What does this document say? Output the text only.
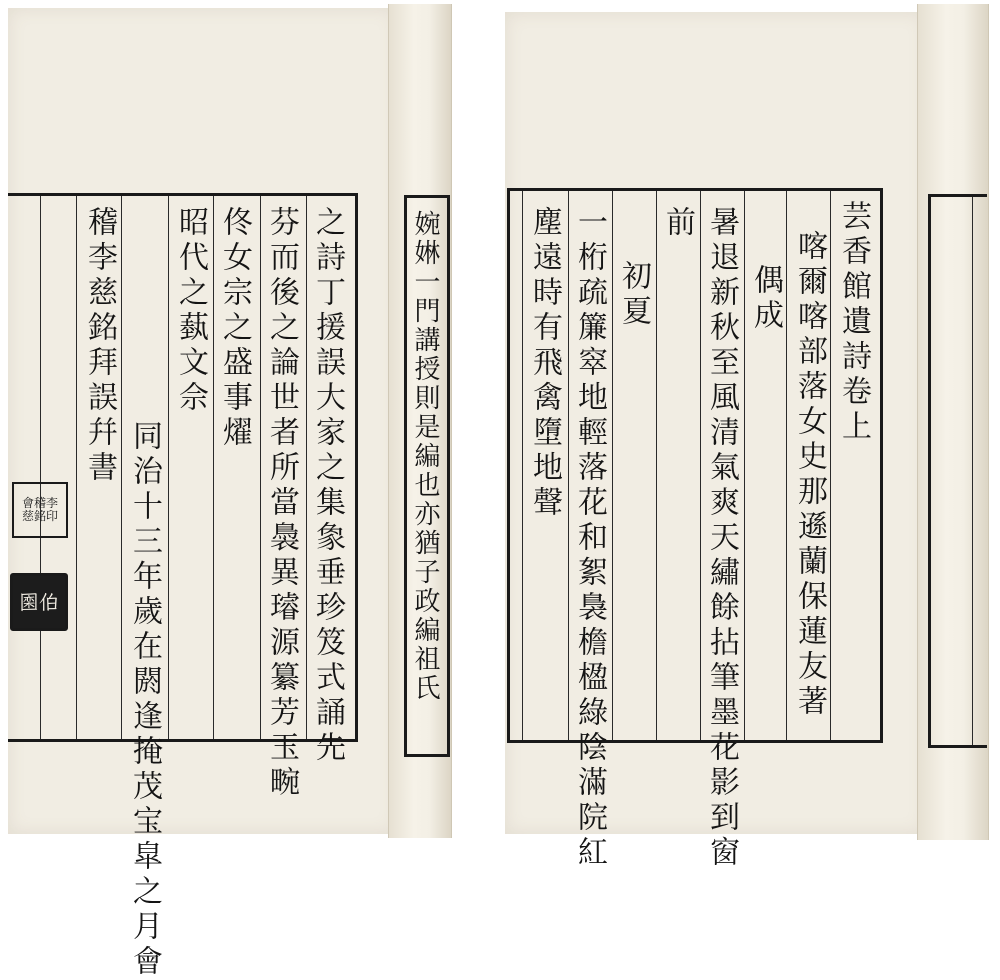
之詩丁援誤大家之集𧰼垂珍笈式誦先
芬而後之論世者所當䙚異璿源纂芳玉畹
佟女宗之盛事燿
昭代之蓺文佘
同治十三年歲在閼逢掩茂宝皐之月會
稽李慈銘拜誤幷書
會稽李慈銘印
𪢮伯	婉㛦一門講授則是編也亦猶子政編祖氏	芸香館遺詩卷上
喀爾喀部落女史那遜蘭保蓮友著
偶成
暑退新秋至風清氣爽天繡餘拈筆墨花影到窗
前
初夏
一桁疏簾窣地輕落花和絮裊檐楹綠陰滿院紅
塵遠時有飛禽墮地聲
